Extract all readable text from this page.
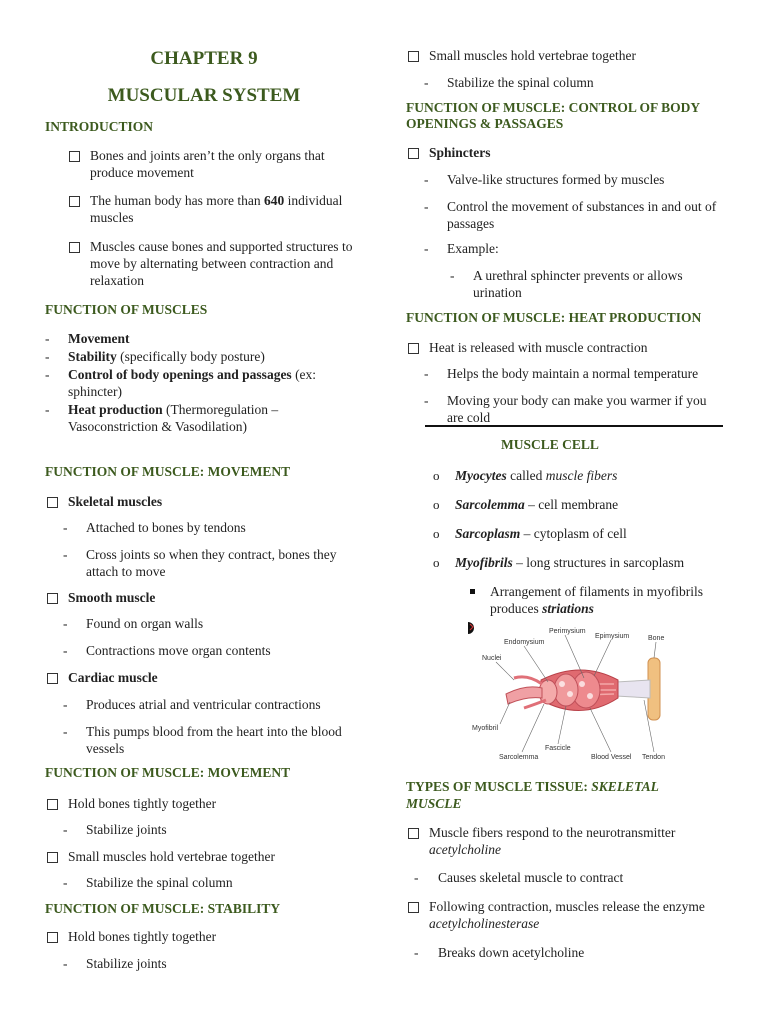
CHAPTER 9
MUSCULAR SYSTEM
INTRODUCTION
Bones and joints aren’t the only organs that produce movement
The human body has more than 640 individual muscles
Muscles cause bones and supported structures to move by alternating between contraction and relaxation
FUNCTION OF MUSCLES
-	Movement
-	Stability (specifically body posture)
-	Control of body openings and passages (ex: sphincter)
-	Heat production (Thermoregulation – Vasoconstriction & Vasodilation)
FUNCTION OF MUSCLE: MOVEMENT
Skeletal muscles
-	Attached to bones by tendons
-	Cross joints so when they contract, bones they attach to move
Smooth muscle
-	Found on organ walls
-	Contractions move organ contents
Cardiac muscle
-	Produces atrial and ventricular contractions
-	This pumps blood from the heart into the blood vessels
FUNCTION OF MUSCLE: MOVEMENT
Hold bones tightly together
-	Stabilize joints
Small muscles hold vertebrae together
-	Stabilize the spinal column
FUNCTION OF MUSCLE: STABILITY
Hold bones tightly together
-	Stabilize joints
Small muscles hold vertebrae together
-	Stabilize the spinal column
FUNCTION OF MUSCLE: CONTROL OF BODY OPENINGS & PASSAGES
Sphincters
-	Valve-like structures formed by muscles
-	Control the movement of substances in and out of passages
-	Example:
-	A urethral sphincter prevents or allows urination
FUNCTION OF MUSCLE: HEAT PRODUCTION
Heat is released with muscle contraction
-	Helps the body maintain a normal temperature
-	Moving your body can make you warmer if you are cold
MUSCLE CELL
o	Myocytes called muscle fibers
o	Sarcolemma – cell membrane
o	Sarcoplasm – cytoplasm of cell
o	Myofibrils – long structures in sarcoplasm
Arrangement of filaments in myofibrils produces striations
Perimysium
Endomysium
Epimysium	Bone
Nuclei
Myofibril
Fascicle
Sarcolemma	Blood Vessel Tendon
TYPES OF MUSCLE TISSUE: SKELETAL MUSCLE
Muscle fibers respond to the neurotransmitter acetylcholine
-	Causes skeletal muscle to contract
Following contraction, muscles release the enzyme acetylcholinesterase
-	Breaks down acetylcholine
